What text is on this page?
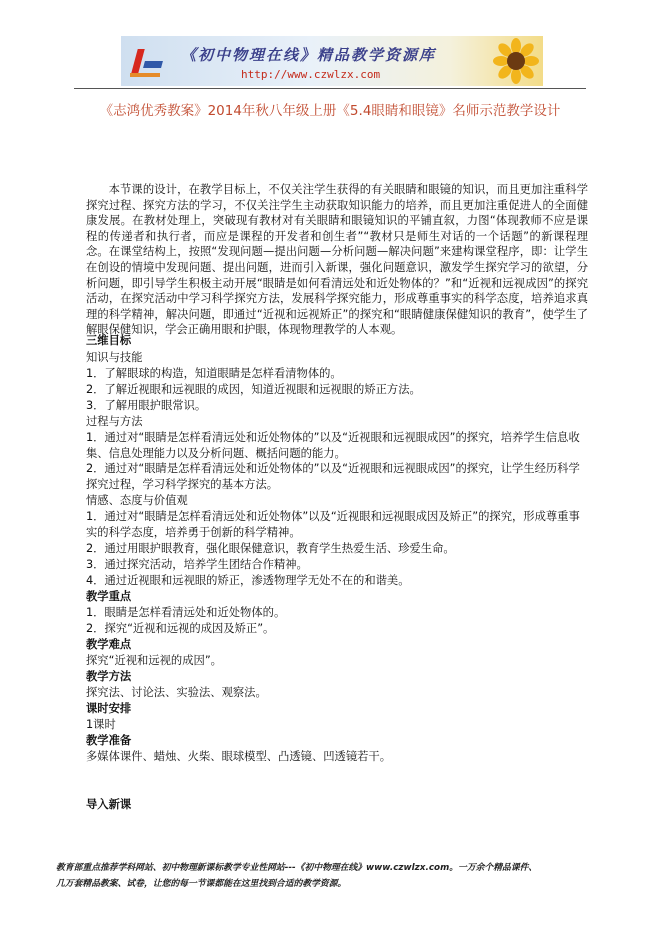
《初中物理在线》精品教学资源库
http://www.czwlzx.com
《志鸿优秀教案》2014年秋八年级上册《5.4眼睛和眼镜》名师示范教学设计
本节课的设计，在教学目标上，不仅关注学生获得的有关眼睛和眼镜的知识，而且更加注重科学探究过程、探究方法的学习，不仅关注学生主动获取知识能力的培养，而且更加注重促进人的全面健康发展。在教材处理上，突破现有教材对有关眼睛和眼镜知识的平铺直叙，力图“体现教师不应是课程的传递者和执行者，而应是课程的开发者和创生者”“教材只是师生对话的一个话题”的新课程理念。在课堂结构上，按照“发现问题—提出问题—分析问题—解决问题”来建构课堂程序，即：让学生在创设的情境中发现问题、提出问题，进而引入新课，强化问题意识，激发学生探究学习的欲望，分析问题，即引导学生积极主动开展“眼睛是如何看清远处和近处物体的？”和“近视和远视成因”的探究活动，在探究活动中学习科学探究方法，发展科学探究能力，形成尊重事实的科学态度，培养追求真理的科学精神，解决问题，即通过“近视和远视矫正”的探究和“眼睛健康保健知识的教育”，使学生了解眼保健知识，学会正确用眼和护眼，体现物理教学的人本观。
三维目标
知识与技能
1．了解眼球的构造，知道眼睛是怎样看清物体的。
2．了解近视眼和远视眼的成因，知道近视眼和远视眼的矫正方法。
3．了解用眼护眼常识。
过程与方法
1．通过对“眼睛是怎样看清远处和近处物体的”以及“近视眼和远视眼成因”的探究，培养学生信息收集、信息处理能力以及分析问题、概括问题的能力。
2．通过对“眼睛是怎样看清远处和近处物体的”以及“近视眼和远视眼成因”的探究，让学生经历科学探究过程，学习科学探究的基本方法。
情感、态度与价值观
1．通过对“眼睛是怎样看清远处和近处物体”以及“近视眼和远视眼成因及矫正”的探究，形成尊重事实的科学态度，培养勇于创新的科学精神。
2．通过用眼护眼教育，强化眼保健意识，教育学生热爱生活、珍爱生命。
3．通过探究活动，培养学生团结合作精神。
4．通过近视眼和远视眼的矫正，渗透物理学无处不在的和谐美。
教学重点
1．眼睛是怎样看清远处和近处物体的。
2．探究“近视和远视的成因及矫正”。
教学难点
探究“近视和远视的成因”。
教学方法
探究法、讨论法、实验法、观察法。
课时安排
1课时
教学准备
多媒体课件、蜡烛、火柴、眼球模型、凸透镜、凹透镜若干。
导入新课
教育部重点推荐学科网站、初中物理新课标教学专业性网站---《初中物理在线》www.czwlzx.com。一万余个精品课件、
几万套精品教案、试卷，让您的每一节课都能在这里找到合适的教学资源。
